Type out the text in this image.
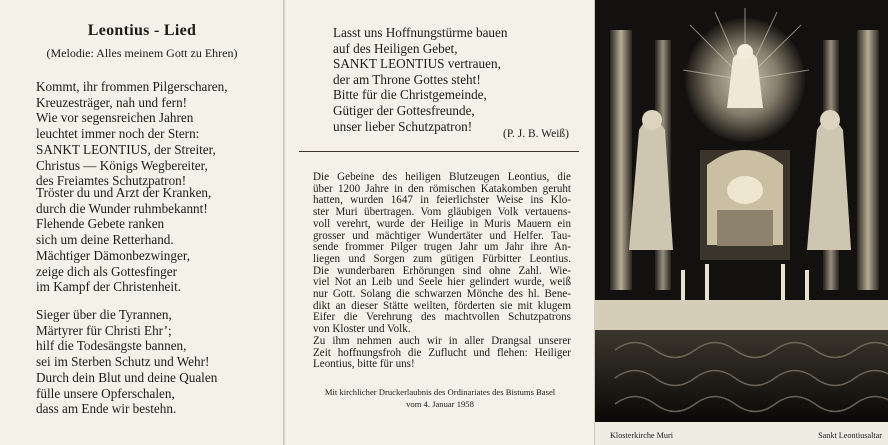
Leontius - Lied
(Melodie: Alles meinem Gott zu Ehren)
Kommt, ihr frommen Pilgerscharen,
Kreuzesträger, nah und fern!
Wie vor segensreichen Jahren
leuchtet immer noch der Stern:
SANKT LEONTIUS, der Streiter,
Christus — Königs Wegbereiter,
des Freiamtes Schutzpatron!
Tröster du und Arzt der Kranken,
durch die Wunder ruhmbekannt!
Flehende Gebete ranken
sich um deine Retterhand.
Mächtiger Dämonbezwinger,
zeige dich als Gottesfinger
im Kampf der Christenheit.
Sieger über die Tyrannen,
Märtyrer für Christi Ehr’;
hilf die Todesängste bannen,
sei im Sterben Schutz und Wehr!
Durch dein Blut und deine Qualen
fülle unsere Opferschalen,
dass am Ende wir bestehn.
Lasst uns Hoffnungstürme bauen
auf des Heiligen Gebet,
SANKT LEONTIUS vertrauen,
der am Throne Gottes steht!
Bitte für die Christgemeinde,
Gütiger der Gottesfreunde,
unser lieber Schutzpatron!
(P. J. B. Weiß)
Die Gebeine des heiligen Blutzeugen Leontius, die
über 1200 Jahre in den römischen Katakomben geruht
hatten, wurden 1647 in feierlichster Weise ins Klo-
ster Muri übertragen. Vom gläubigen Volk vertauens-
voll verehrt, wurde der Heilige in Muris Mauern ein
grosser und mächtiger Wundertäter und Helfer. Tau-
sende frommer Pilger trugen Jahr um Jahr ihre An-
liegen und Sorgen zum gütigen Fürbitter Leontius.
Die wunderbaren Erhörungen sind ohne Zahl. Wie-
viel Not an Leib und Seele hier gelindert wurde, weiß
nur Gott. Solang die schwarzen Mönche des hl. Bene-
dikt an dieser Stätte weilten, förderten sie mit klugem
Eifer die Verehrung des machtvollen Schutzpatrons
von Kloster und Volk.
Zu ihm nehmen auch wir in aller Drangsal unserer
Zeit hoffnungsfroh die Zuflucht und flehen: Heiliger
Leontius, bitte für uns!
Mit kirchlicher Druckerlaubnis des Ordinariates des Bistums Basel
vom 4. Januar 1958
Klosterkirche Muri	Sankt Leontiusaltar
